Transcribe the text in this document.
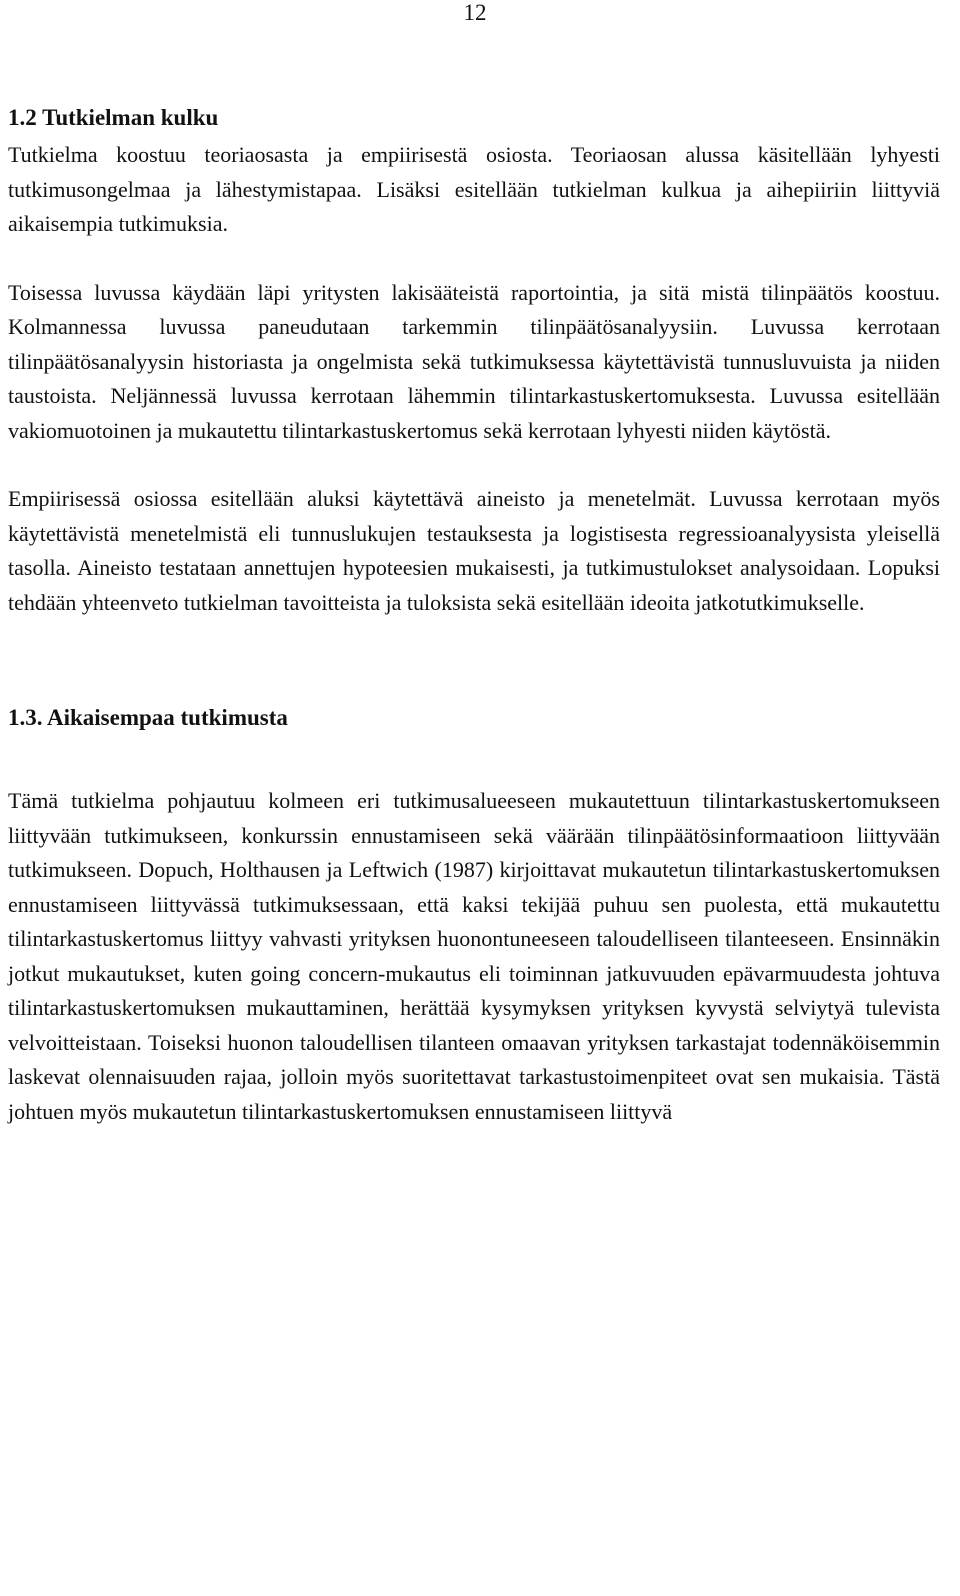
12
1.2 Tutkielman kulku

Tutkielma koostuu teoriaosasta ja empiirisestä osiosta. Teoriaosan alussa käsitellään lyhyesti tutkimusongelmaa ja lähestymistapaa. Lisäksi esitellään tutkielman kulkua ja aihepiiriin liittyviä aikaisempia tutkimuksia.

Toisessa luvussa käydään läpi yritysten lakisääteistä raportointia, ja sitä mistä tilinpäätös koostuu. Kolmannessa luvussa paneudutaan tarkemmin tilinpäätösanalyysiin. Luvussa kerrotaan tilinpäätösanalyysin historiasta ja ongelmista sekä tutkimuksessa käytettävistä tunnusluvuista ja niiden taustoista. Neljännessä luvussa kerrotaan lähemmin tilintarkastuskertomuksesta. Luvussa esitellään vakiomuotoinen ja mukautettu tilintarkastuskertomus sekä kerrotaan lyhyesti niiden käytöstä.

Empiirisessä osiossa esitellään aluksi käytettävä aineisto ja menetelmät. Luvussa kerrotaan myös käytettävistä menetelmistä eli tunnuslukujen testauksesta ja logistisesta regressioanalyysista yleisellä tasolla. Aineisto testataan annettujen hypoteesien mukaisesti, ja tutkimustulokset analysoidaan. Lopuksi tehdään yhteenveto tutkielman tavoitteista ja tuloksista sekä esitellään ideoita jatkotutkimukselle.

1.3. Aikaisempaa tutkimusta

Tämä tutkielma pohjautuu kolmeen eri tutkimusalueeseen mukautettuun tilintarkastuskertomukseen liittyvään tutkimukseen, konkurssin ennustamiseen sekä väärään tilinpäätösinformaatioon liittyvään tutkimukseen. Dopuch, Holthausen ja Leftwich (1987) kirjoittavat mukautetun tilintarkastuskertomuksen ennustamiseen liittyvässä tutkimuksessaan, että kaksi tekijää puhuu sen puolesta, että mukautettu tilintarkastuskertomus liittyy vahvasti yrityksen huonontuneeseen taloudelliseen tilanteeseen. Ensinnäkin jotkut mukautukset, kuten going concern-mukautus eli toiminnan jatkuvuuden epävarmuudesta johtuva tilintarkastuskertomuksen mukauttaminen, herättää kysymyksen yrityksen kyvystä selviytyä tulevista velvoitteistaan. Toiseksi huonon taloudellisen tilanteen omaavan yrityksen tarkastajat todennäköisemmin laskevat olennaisuuden rajaa, jolloin myös suoritettavat tarkastustoimenpiteet ovat sen mukaisia. Tästä johtuen myös mukautetun tilintarkastuskertomuksen ennustamiseen liittyvä
